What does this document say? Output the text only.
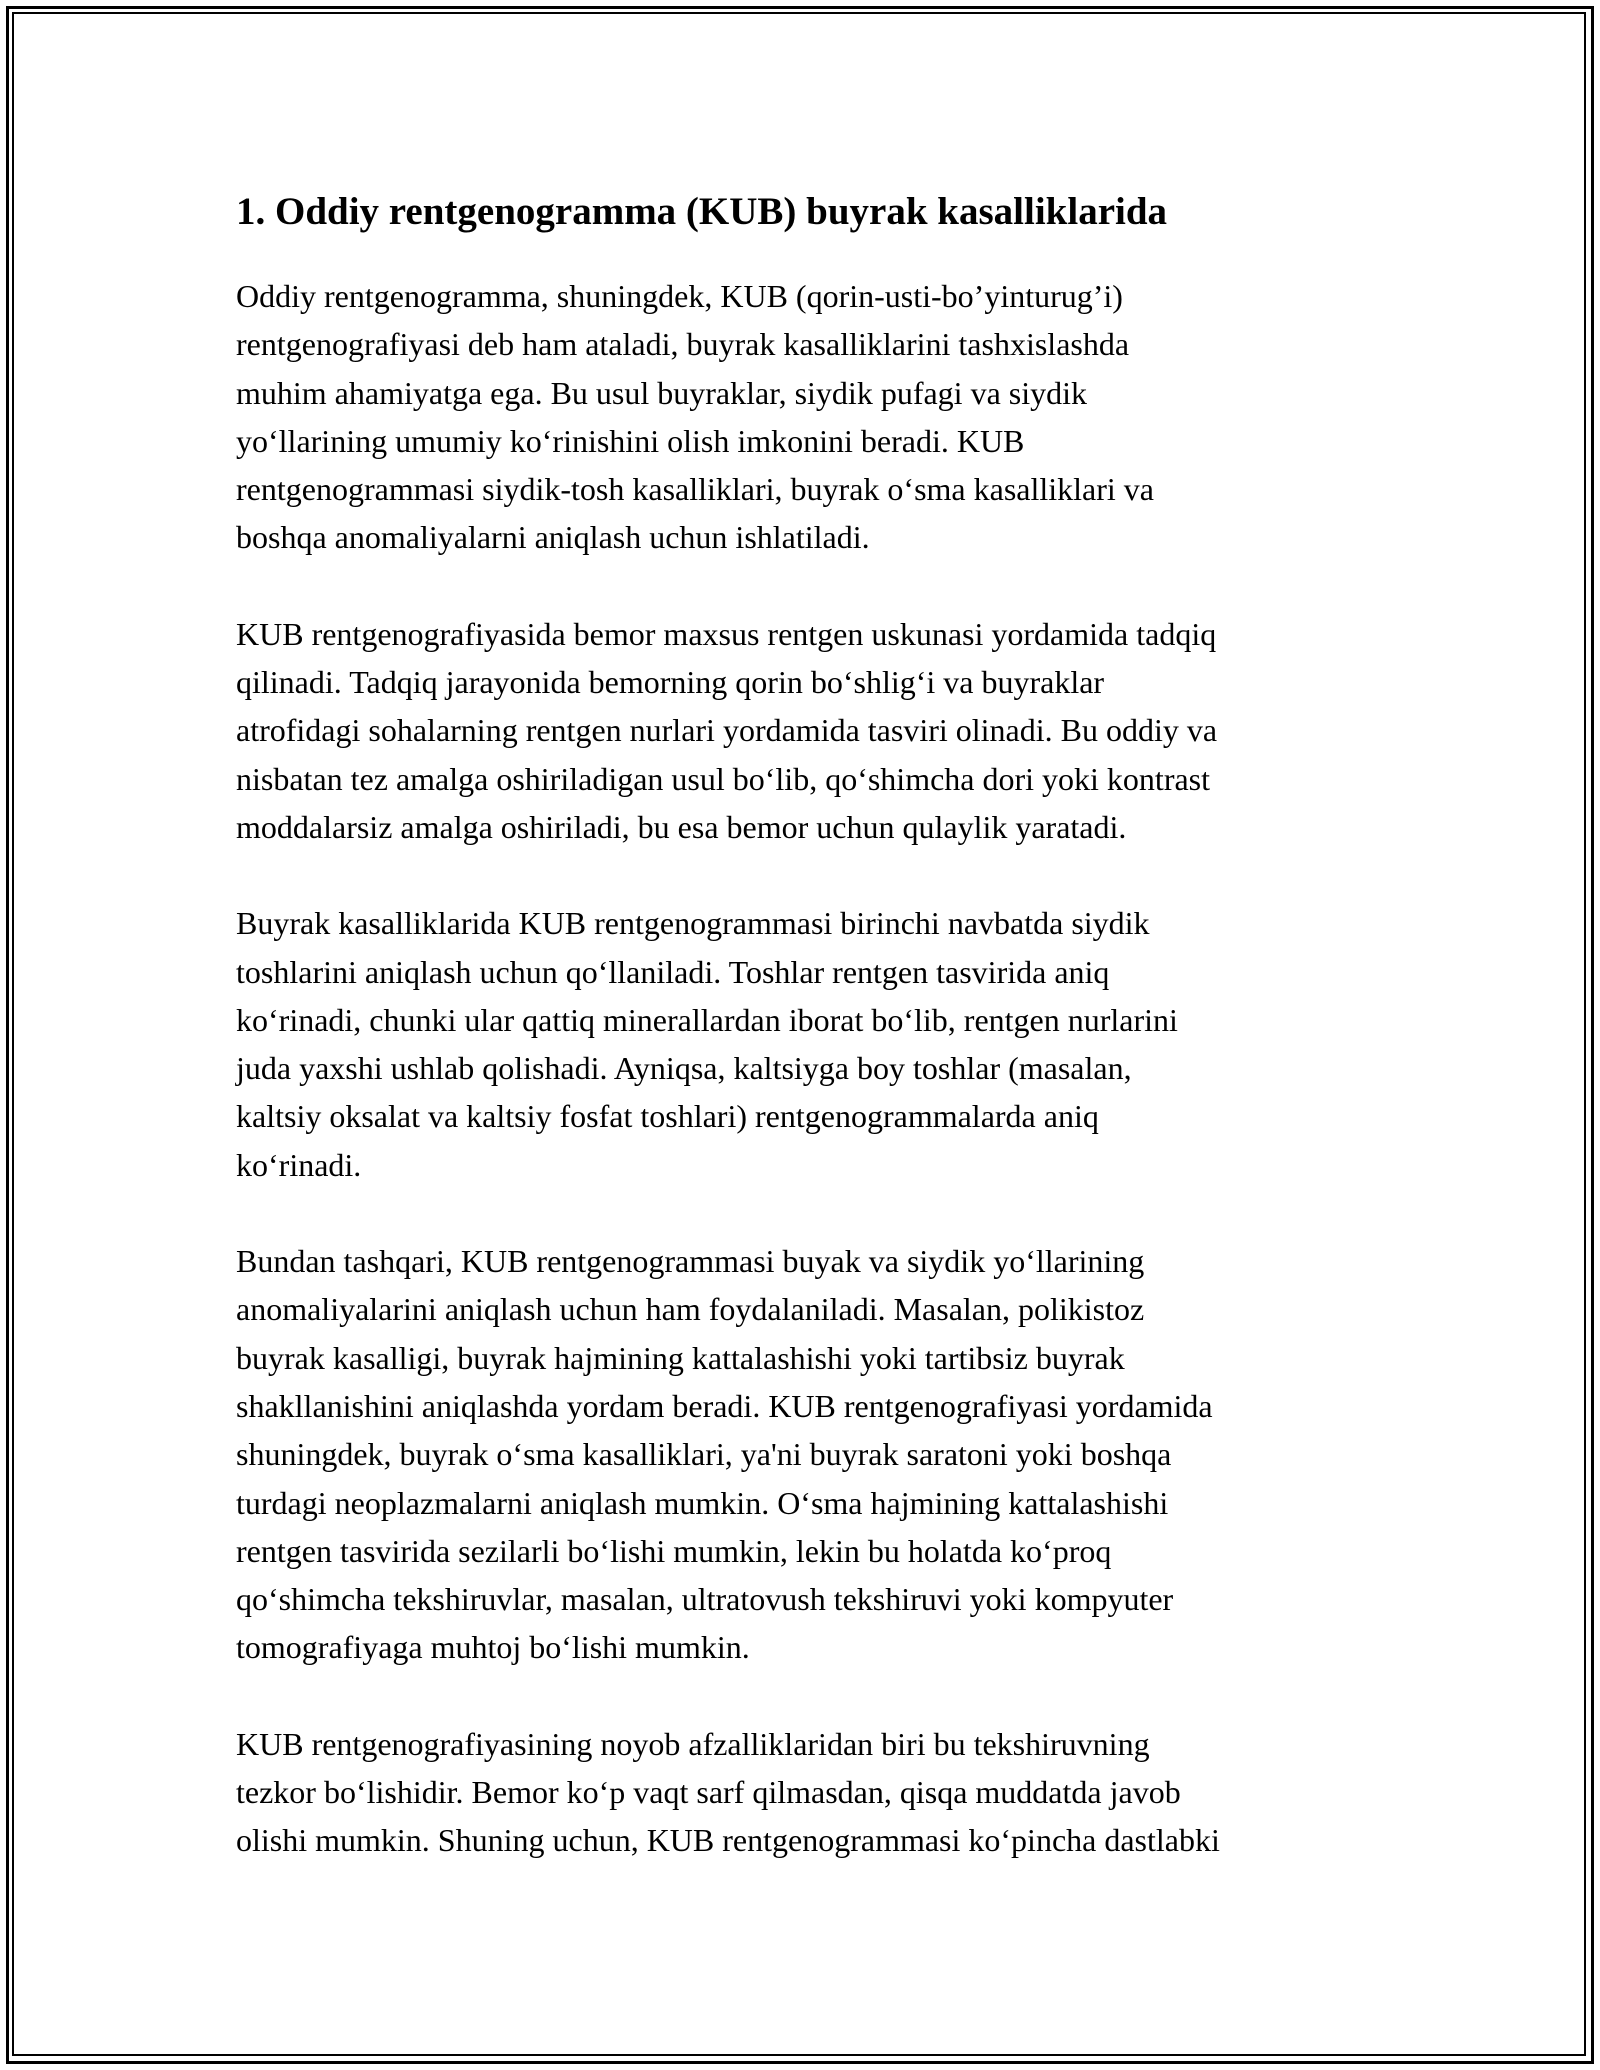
1. Oddiy rentgenogramma (KUB) buyrak kasalliklarida

Oddiy rentgenogramma, shuningdek, KUB (qorin-usti-bo’yinturug’i)
rentgenografiyasi deb ham ataladi, buyrak kasalliklarini tashxislashda
muhim ahamiyatga ega. Bu usul buyraklar, siydik pufagi va siydik
yo‘llarining umumiy ko‘rinishini olish imkonini beradi. KUB
rentgenogrammasi siydik-tosh kasalliklari, buyrak o‘sma kasalliklari va
boshqa anomaliyalarni aniqlash uchun ishlatiladi.

KUB rentgenografiyasida bemor maxsus rentgen uskunasi yordamida tadqiq
qilinadi. Tadqiq jarayonida bemorning qorin bo‘shlig‘i va buyraklar
atrofidagi sohalarning rentgen nurlari yordamida tasviri olinadi. Bu oddiy va
nisbatan tez amalga oshiriladigan usul bo‘lib, qo‘shimcha dori yoki kontrast
moddalarsiz amalga oshiriladi, bu esa bemor uchun qulaylik yaratadi.

Buyrak kasalliklarida KUB rentgenogrammasi birinchi navbatda siydik
toshlarini aniqlash uchun qo‘llaniladi. Toshlar rentgen tasvirida aniq
ko‘rinadi, chunki ular qattiq minerallardan iborat bo‘lib, rentgen nurlarini
juda yaxshi ushlab qolishadi. Ayniqsa, kaltsiyga boy toshlar (masalan,
kaltsiy oksalat va kaltsiy fosfat toshlari) rentgenogrammalarda aniq
ko‘rinadi.

Bundan tashqari, KUB rentgenogrammasi buyak va siydik yo‘llarining
anomaliyalarini aniqlash uchun ham foydalaniladi. Masalan, polikistoz
buyrak kasalligi, buyrak hajmining kattalashishi yoki tartibsiz buyrak
shakllanishini aniqlashda yordam beradi. KUB rentgenografiyasi yordamida
shuningdek, buyrak o‘sma kasalliklari, ya'ni buyrak saratoni yoki boshqa
turdagi neoplazmalarni aniqlash mumkin. O‘sma hajmining kattalashishi
rentgen tasvirida sezilarli bo‘lishi mumkin, lekin bu holatda ko‘proq
qo‘shimcha tekshiruvlar, masalan, ultratovush tekshiruvi yoki kompyuter
tomografiyaga muhtoj bo‘lishi mumkin.

KUB rentgenografiyasining noyob afzalliklaridan biri bu tekshiruvning
tezkor bo‘lishidir. Bemor ko‘p vaqt sarf qilmasdan, qisqa muddatda javob
olishi mumkin. Shuning uchun, KUB rentgenogrammasi ko‘pincha dastlabki
